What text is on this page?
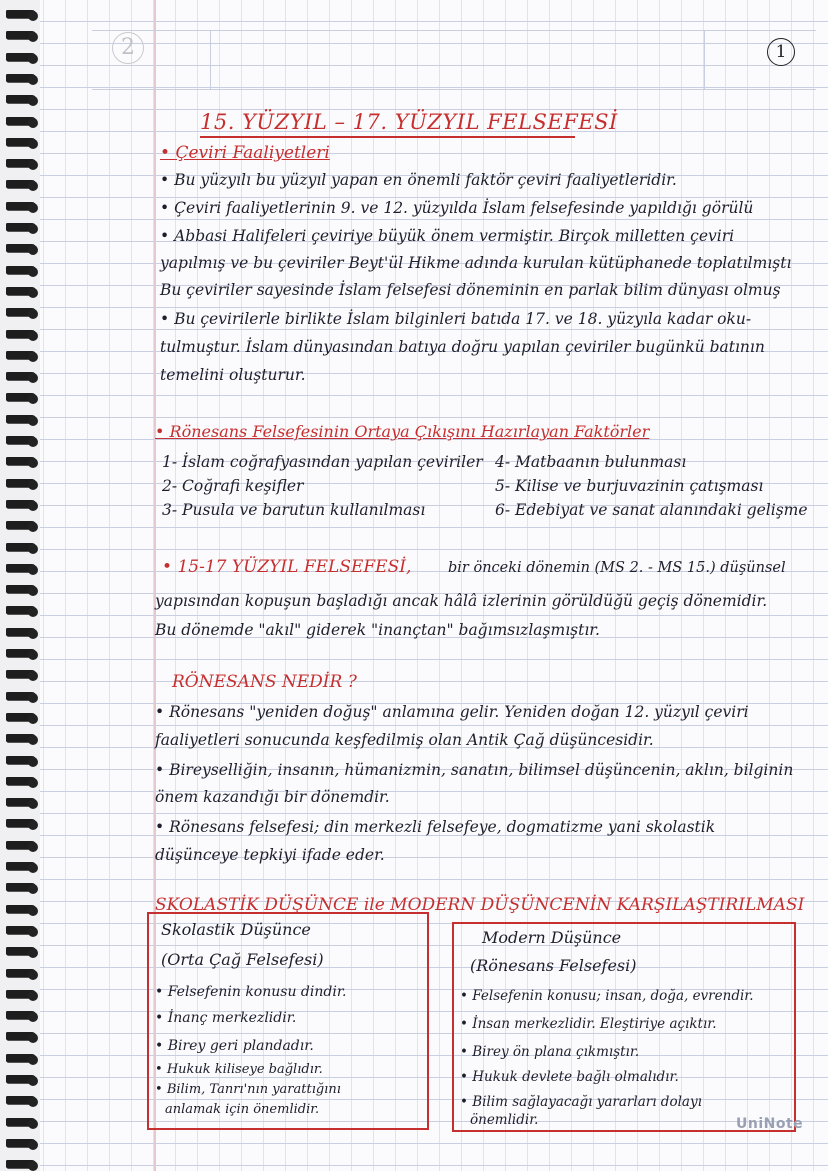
2	1
15. YÜZYIL – 17. YÜZYIL FELSEFESİ
• Çeviri Faaliyetleri
• Bu yüzyılı bu yüzyıl yapan en önemli faktör çeviri faaliyetleridir.
• Çeviri faaliyetlerinin 9. ve 12. yüzyılda İslam felsefesinde yapıldığı görülü
• Abbasi Halifeleri çeviriye büyük önem vermiştir. Birçok milletten çeviri
yapılmış ve bu çeviriler Beyt'ül Hikme adında kurulan kütüphanede toplatılmıştı
Bu çeviriler sayesinde İslam felsefesi döneminin en parlak bilim dünyası olmuş
• Bu çevirilerle birlikte İslam bilginleri batıda 17. ve 18. yüzyıla kadar oku-
tulmuştur. İslam dünyasından batıya doğru yapılan çeviriler bugünkü batının
temelini oluşturur.
• Rönesans Felsefesinin Ortaya Çıkışını Hazırlayan Faktörler
1- İslam coğrafyasından yapılan çeviriler
2- Coğrafi keşifler
3- Pusula ve barutun kullanılması
4- Matbaanın bulunması
5- Kilise ve burjuvazinin çatışması
6- Edebiyat ve sanat alanındaki gelişme
• 15-17 YÜZYIL FELSEFESİ,	bir önceki dönemin (MS 2. - MS 15.) düşünsel
yapısından kopuşun başladığı ancak hâlâ izlerinin görüldüğü geçiş dönemidir.
Bu dönemde "akıl" giderek "inançtan" bağımsızlaşmıştır.
RÖNESANS NEDİR ?
• Rönesans "yeniden doğuş" anlamına gelir. Yeniden doğan 12. yüzyıl çeviri
faaliyetleri sonucunda keşfedilmiş olan Antik Çağ düşüncesidir.
• Bireyselliğin, insanın, hümanizmin, sanatın, bilimsel düşüncenin, aklın, bilginin
önem kazandığı bir dönemdir.
• Rönesans felsefesi; din merkezli felsefeye, dogmatizme yani skolastik
düşünceye tepkiyi ifade eder.
SKOLASTİK DÜŞÜNCE ile MODERN DÜŞÜNCENİN KARŞILAŞTIRILMASI
Skolastik Düşünce
(Orta Çağ Felsefesi)
• Felsefenin konusu dindir.
• İnanç merkezlidir.
• Birey geri plandadır.
• Hukuk kiliseye bağlıdır.
• Bilim, Tanrı'nın yarattığını
anlamak için önemlidir.
Modern Düşünce
(Rönesans Felsefesi)
• Felsefenin konusu; insan, doğa, evrendir.
• İnsan merkezlidir. Eleştiriye açıktır.
• Birey ön plana çıkmıştır.
• Hukuk devlete bağlı olmalıdır.
• Bilim sağlayacağı yararları dolayı
önemlidir.	UniNote
